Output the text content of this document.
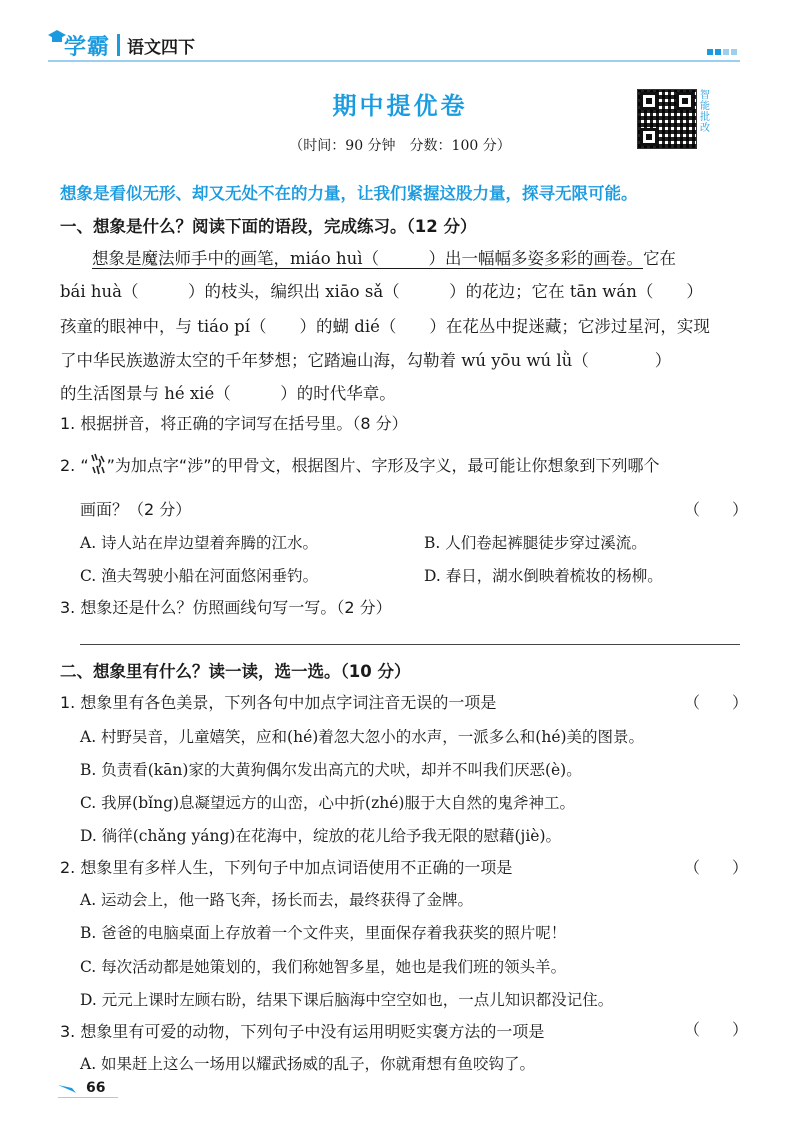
学霸 语文四下
期中提优卷
（时间：90 分钟　分数：100 分）
智能批改
想象是看似无形、却又无处不在的力量，让我们紧握这股力量，探寻无限可能。
一、想象是什么？阅读下面的语段，完成练习。（12 分）
想象是魔法师手中的画笔，miáo huì（　　　）出一幅幅多姿多彩的画卷。它在
bái huà（　　　）的枝头，编织出 xiāo sǎ（　　　）的花边；它在 tān wán（　　）
孩童的眼神中，与 tiáo pí（　　）的蝴 dié（　　）在花丛中捉迷藏；它涉过星河，实现
了中华民族遨游太空的千年梦想；它踏遍山海，勾勒着 wú yōu wú lǜ（　　　　）
的生活图景与 hé xié（　　　）的时代华章。
1. 根据拼音，将正确的字词写在括号里。（8 分）
2. “ ”为加点字“涉”的甲骨文，根据图片、字形及字义，最可能让你想象到下列哪个
画面？（2 分）	（　　）
A. 诗人站在岸边望着奔腾的江水。	B. 人们卷起裤腿徒步穿过溪流。
C. 渔夫驾驶小船在河面悠闲垂钓。	D. 春日，湖水倒映着梳妆的杨柳。
3. 想象还是什么？仿照画线句写一写。（2 分）
二、想象里有什么？读一读，选一选。（10 分）
1. 想象里有各色美景，下列各句中加点字词注音无误的一项是	（　　）
A. 村野吴音，儿童嬉笑，应和(hé)着忽大忽小的水声，一派多么和(hé)美的图景。
B. 负责看(kān)家的大黄狗偶尔发出高亢的犬吠，却并不叫我们厌恶(è)。
C. 我屏(bǐng)息凝望远方的山峦，心中折(zhé)服于大自然的鬼斧神工。
D. 徜徉(chǎng yáng)在花海中，绽放的花儿给予我无限的慰藉(jiè)。
2. 想象里有多样人生，下列句子中加点词语使用不正确的一项是	（　　）
A. 运动会上，他一路飞奔，扬长而去，最终获得了金牌。
B. 爸爸的电脑桌面上存放着一个文件夹，里面保存着我获奖的照片呢！
C. 每次活动都是她策划的，我们称她智多星，她也是我们班的领头羊。
D. 元元上课时左顾右盼，结果下课后脑海中空空如也，一点儿知识都没记住。
3. 想象里有可爱的动物，下列句子中没有运用明贬实褒方法的一项是	（　　）
A. 如果赶上这么一场用以耀武扬威的乱子，你就甭想有鱼咬钩了。
66
